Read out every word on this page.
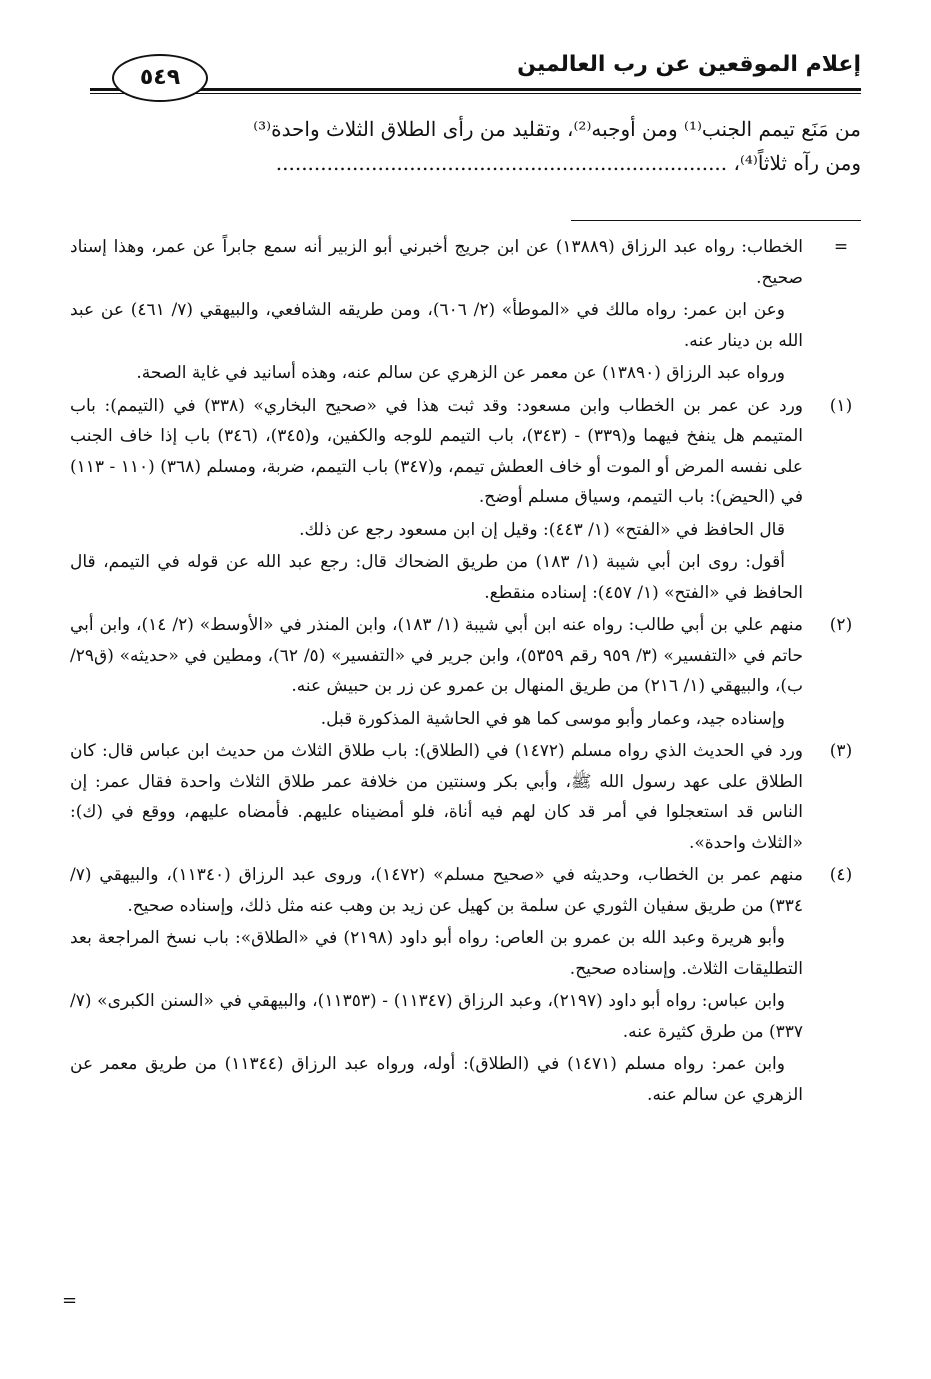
إعلام الموقعين عن رب العالمين
٥٤٩

من مَنَع تيمم الجنب⁽¹⁾ ومن أوجبه⁽²⁾، وتقليد من رأى الطلاق الثلاث واحدة⁽³⁾

ومن رآه ثلاثاً⁽⁴⁾، .......................................................................

=

الخطاب: رواه عبد الرزاق (١٣٨٨٩) عن ابن جريج أخبرني أبو الزبير أنه سمع جابراً عن عمر، وهذا إسناد صحيح.

وعن ابن عمر: رواه مالك في «الموطأ» (٢/ ٦٠٦)، ومن طريقه الشافعي، والبيهقي (٧/ ٤٦١) عن عبد الله بن دينار عنه.

ورواه عبد الرزاق (١٣٨٩٠) عن معمر عن الزهري عن سالم عنه، وهذه أسانيد في غاية الصحة.

(١)

ورد عن عمر بن الخطاب وابن مسعود: وقد ثبت هذا في «صحيح البخاري» (٣٣٨) في (التيمم): باب المتيمم هل ينفخ فيهما و(٣٣٩) - (٣٤٣)، باب التيمم للوجه والكفين، و(٣٤٥)، (٣٤٦) باب إذا خاف الجنب على نفسه المرض أو الموت أو خاف العطش تيمم، و(٣٤٧) باب التيمم، ضربة، ومسلم (٣٦٨) (١١٠ - ١١٣) في (الحيض): باب التيمم، وسياق مسلم أوضح.

قال الحافظ في «الفتح» (١/ ٤٤٣): وقيل إن ابن مسعود رجع عن ذلك.

أقول: روى ابن أبي شيبة (١/ ١٨٣) من طريق الضحاك قال: رجع عبد الله عن قوله في التيمم، قال الحافظ في «الفتح» (١/ ٤٥٧): إسناده منقطع.

(٢)

منهم علي بن أبي طالب: رواه عنه ابن أبي شيبة (١/ ١٨٣)، وابن المنذر في «الأوسط» (٢/ ١٤)، وابن أبي حاتم في «التفسير» (٣/ ٩٥٩ رقم ٥٣٥٩)، وابن جرير في «التفسير» (٥/ ٦٢)، ومطين في «حديثه» (ق٢٩/ ب)، والبيهقي (١/ ٢١٦) من طريق المنهال بن عمرو عن زر بن حبيش عنه.

وإسناده جيد، وعمار وأبو موسى كما هو في الحاشية المذكورة قبل.

(٣)

ورد في الحديث الذي رواه مسلم (١٤٧٢) في (الطلاق): باب طلاق الثلاث من حديث ابن عباس قال: كان الطلاق على عهد رسول الله ﷺ، وأبي بكر وسنتين من خلافة عمر طلاق الثلاث واحدة فقال عمر: إن الناس قد استعجلوا في أمر قد كان لهم فيه أناة، فلو أمضيناه عليهم. فأمضاه عليهم، ووقع في (ك): «الثلاث واحدة».

(٤)

منهم عمر بن الخطاب، وحديثه في «صحيح مسلم» (١٤٧٢)، وروى عبد الرزاق (١١٣٤٠)، والبيهقي (٧/ ٣٣٤) من طريق سفيان الثوري عن سلمة بن كهيل عن زيد بن وهب عنه مثل ذلك، وإسناده صحيح.

وأبو هريرة وعبد الله بن عمرو بن العاص: رواه أبو داود (٢١٩٨) في «الطلاق»: باب نسخ المراجعة بعد التطليقات الثلاث. وإسناده صحيح.

وابن عباس: رواه أبو داود (٢١٩٧)، وعبد الرزاق (١١٣٤٧) - (١١٣٥٣)، والبيهقي في «السنن الكبرى» (٧/ ٣٣٧) من طرق كثيرة عنه.

وابن عمر: رواه مسلم (١٤٧١) في (الطلاق): أوله، ورواه عبد الرزاق (١١٣٤٤) من طريق معمر عن الزهري عن سالم عنه.

=
